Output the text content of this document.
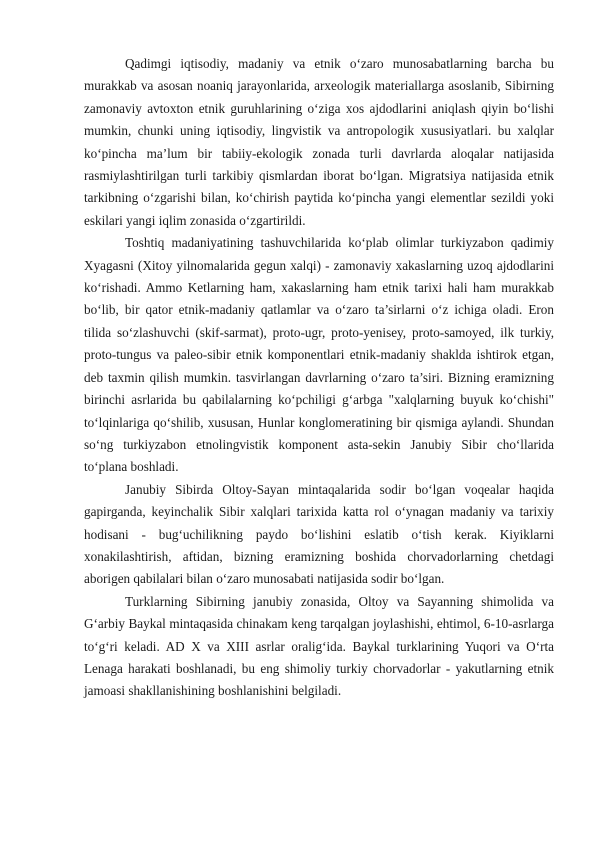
Qadimgi iqtisodiy, madaniy va etnik o‘zaro munosabatlarning barcha bu murakkab va asosan noaniq jarayonlarida, arxeologik materiallarga asoslanib, Sibirning zamonaviy avtoxton etnik guruhlarining o‘ziga xos ajdodlarini aniqlash qiyin bo‘lishi mumkin, chunki uning iqtisodiy, lingvistik va antropologik xususiyatlari. bu xalqlar ko‘pincha ma’lum bir tabiiy-ekologik zonada turli davrlarda aloqalar natijasida rasmiylashtirilgan turli tarkibiy qismlardan iborat bo‘lgan. Migratsiya natijasida etnik tarkibning o‘zgarishi bilan, ko‘chirish paytida ko‘pincha yangi elementlar sezildi yoki eskilari yangi iqlim zonasida o‘zgartirildi.

Toshtiq madaniyatining tashuvchilarida ko‘plab olimlar turkiyzabon qadimiy Xyagasni (Xitoy yilnomalarida gegun xalqi) - zamonaviy xakaslarning uzoq ajdodlarini ko‘rishadi. Ammo Ketlarning ham, xakaslarning ham etnik tarixi hali ham murakkab bo‘lib, bir qator etnik-madaniy qatlamlar va o‘zaro ta’sirlarni o‘z ichiga oladi. Eron tilida so‘zlashuvchi (skif-sarmat), proto-ugr, proto-yenisey, proto-samoyed, ilk turkiy, proto-tungus va paleo-sibir etnik komponentlari etnik-madaniy shaklda ishtirok etgan, deb taxmin qilish mumkin. tasvirlangan davrlarning o‘zaro ta’siri. Bizning eramizning birinchi asrlarida bu qabilalarning ko‘pchiligi g‘arbga "xalqlarning buyuk ko‘chishi" to‘lqinlariga qo‘shilib, xususan, Hunlar konglomeratining bir qismiga aylandi. Shundan so‘ng turkiyzabon etnolingvistik komponent asta-sekin Janubiy Sibir cho‘llarida to‘plana boshladi.

Janubiy Sibirda Oltoy-Sayan mintaqalarida sodir bo‘lgan voqealar haqida gapirganda, keyinchalik Sibir xalqlari tarixida katta rol o‘ynagan madaniy va tarixiy hodisani - bug‘uchilikning paydo bo‘lishini eslatib o‘tish kerak. Kiyiklarni xonakilashtirish, aftidan, bizning eramizning boshida chorvadorlarning chetdagi aborigen qabilalari bilan o‘zaro munosabati natijasida sodir bo‘lgan.

Turklarning Sibirning janubiy zonasida, Oltoy va Sayanning shimolida va G‘arbiy Baykal mintaqasida chinakam keng tarqalgan joylashishi, ehtimol, 6-10-asrlarga to‘g‘ri keladi. AD X va XIII asrlar oralig‘ida. Baykal turklarining Yuqori va O‘rta Lenaga harakati boshlanadi, bu eng shimoliy turkiy chorvadorlar - yakutlarning etnik jamoasi shakllanishining boshlanishini belgiladi.
